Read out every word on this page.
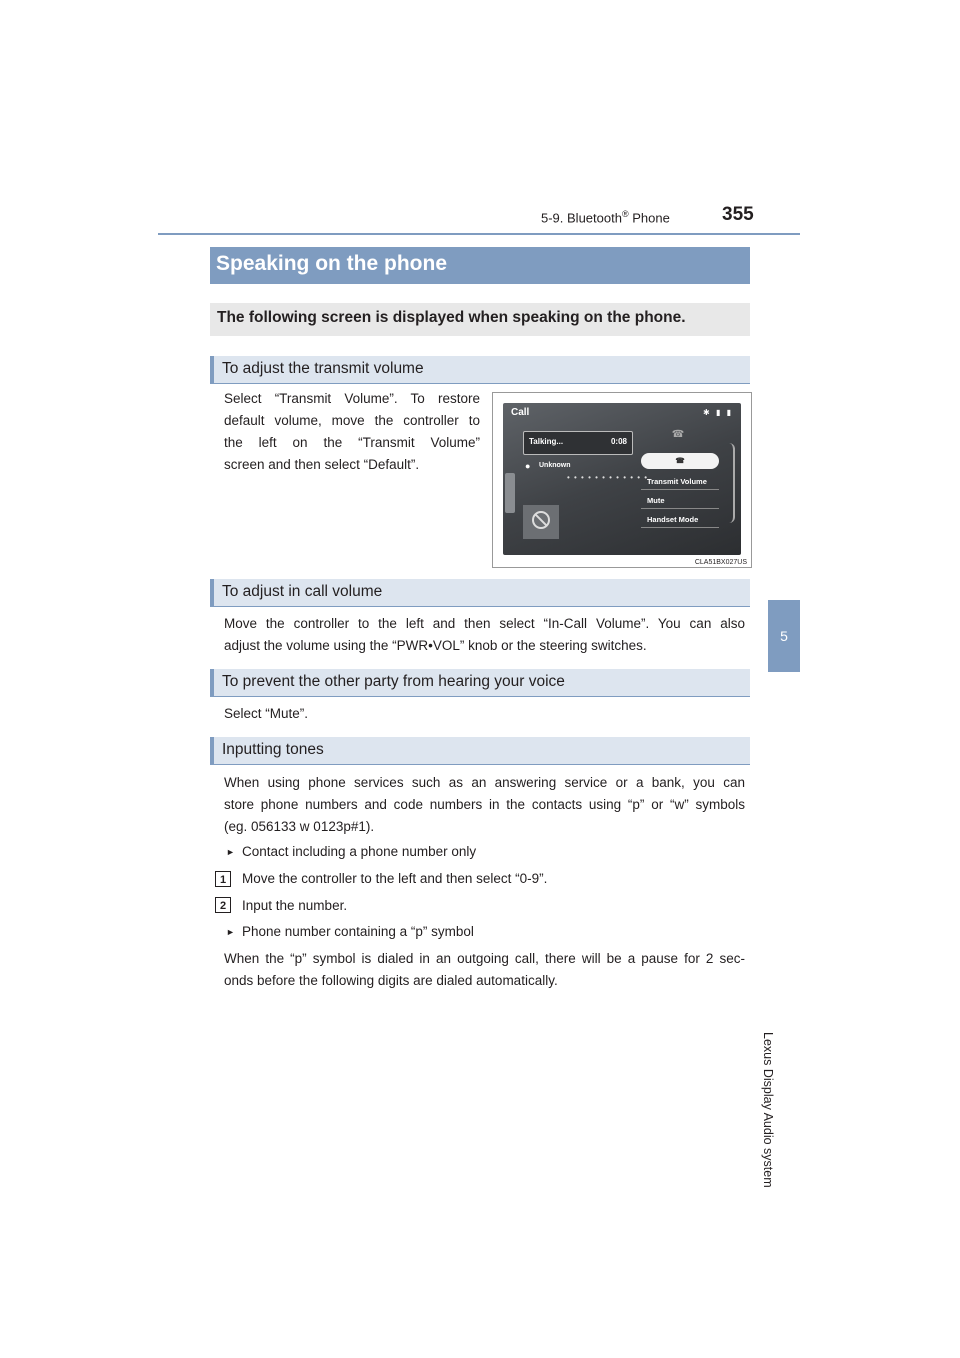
5-9. Bluetooth® Phone	355
5
Lexus Display Audio system
Speaking on the phone
The following screen is displayed when speaking on the phone.
To adjust the transmit volume
Select “Transmit Volume”. To restore
default volume, move the controller to
the left on the “Transmit Volume”
screen and then select “Default”.
Call	✱ ▮ ▮
Talking...	0:08
● Unknown
• • • • • • • • • • • •
☎
☎
Transmit Volume
Mute
Handset Mode
CLA51BX027US
To adjust in call volume
Move the controller to the left and then select “In-Call Volume”. You can also
adjust the volume using the “PWR•VOL” knob or the steering switches.
To prevent the other party from hearing your voice
Select “Mute”.
Inputting tones
When using phone services such as an answering service or a bank, you can
store phone numbers and code numbers in the contacts using “p” or “w” symbols
(eg. 056133 w 0123p#1).
► Contact including a phone number only
1	Move the controller to the left and then select “0-9”.
2	Input the number.
► Phone number containing a “p” symbol
When the “p” symbol is dialed in an outgoing call, there will be a pause for 2 sec-
onds before the following digits are dialed automatically.
